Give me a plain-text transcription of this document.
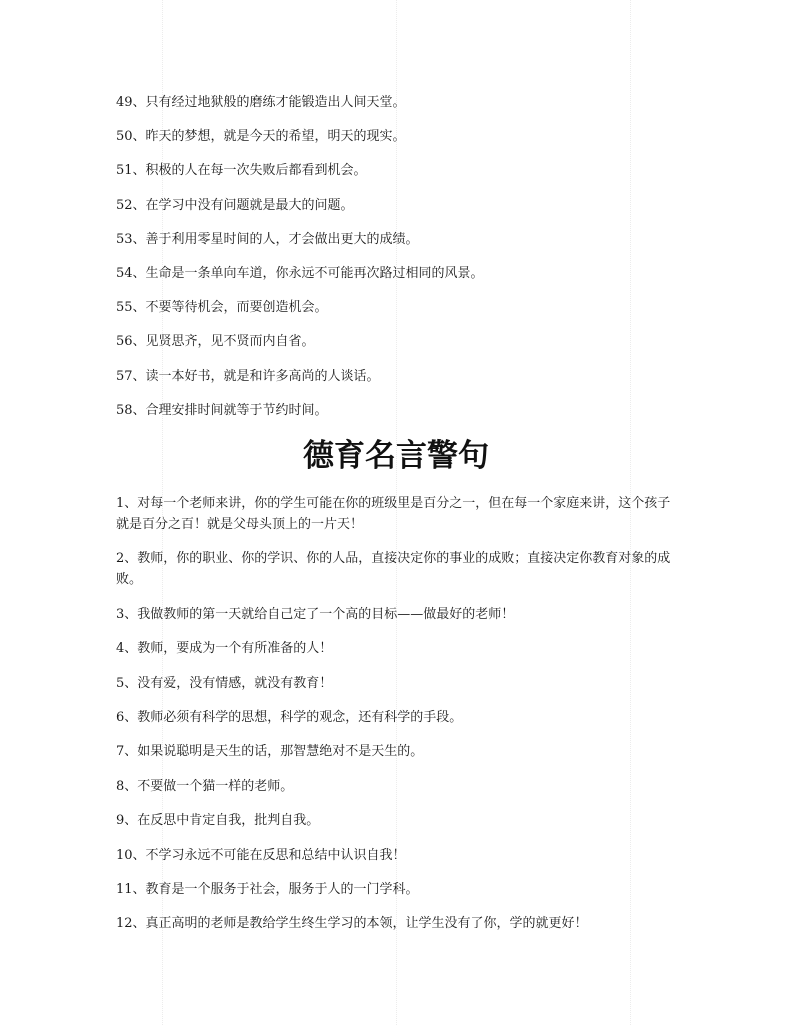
49、只有经过地狱般的磨练才能锻造出人间天堂。
50、昨天的梦想，就是今天的希望，明天的现实。
51、积极的人在每一次失败后都看到机会。
52、在学习中没有问题就是最大的问题。
53、善于利用零星时间的人，才会做出更大的成绩。
54、生命是一条单向车道，你永远不可能再次路过相同的风景。
55、不要等待机会，而要创造机会。
56、见贤思齐，见不贤而内自省。
57、读一本好书，就是和许多高尚的人谈话。
58、合理安排时间就等于节约时间。
德育名言警句
1、对每一个老师来讲，你的学生可能在你的班级里是百分之一，但在每一个家庭来讲，这个孩子就是百分之百！就是父母头顶上的一片天！
2、教师，你的职业、你的学识、你的人品，直接决定你的事业的成败；直接决定你教育对象的成败。
3、我做教师的第一天就给自己定了一个高的目标——做最好的老师！
4、教师，要成为一个有所准备的人！
5、没有爱，没有情感，就没有教育！
6、教师必须有科学的思想，科学的观念，还有科学的手段。
7、如果说聪明是天生的话，那智慧绝对不是天生的。
8、不要做一个猫一样的老师。
9、在反思中肯定自我，批判自我。
10、不学习永远不可能在反思和总结中认识自我！
11、教育是一个服务于社会，服务于人的一门学科。
12、真正高明的老师是教给学生终生学习的本领，让学生没有了你，学的就更好！
